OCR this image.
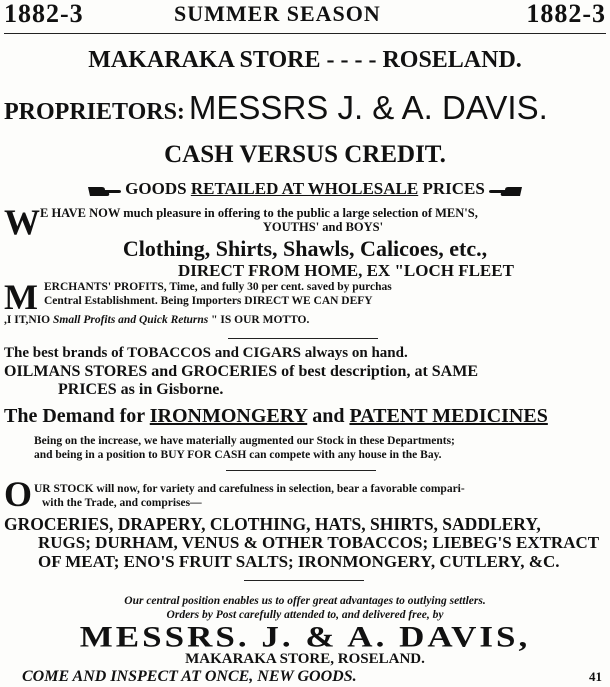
1882-3	SUMMER SEASON	1882-3
MAKARAKA STORE - - - - ROSELAND.
PROPRIETORS: MESSRS J. & A. DAVIS.
CASH VERSUS CREDIT.
GOODS RETAILED AT WHOLESALE PRICES
W E HAVE NOW much pleasure in offering to the public a large selection of MEN'S,
YOUTHS' and BOYS'
Clothing, Shirts, Shawls, Calicoes, etc.,
DIRECT FROM HOME, EX "LOCH FLEET
M ERCHANTS' PROFITS, Time, and fully 30 per cent. saved by purchas
Central Establishment. Being Importers DIRECT WE CAN DEFY
,I IT,NIO Small Profits and Quick Returns " IS OUR MOTTO.
The best brands of TOBACCOS and CIGARS always on hand.
OILMANS STORES and GROCERIES of best description, at SAME
PRICES as in Gisborne.
The Demand for IRONMONGERY and PATENT MEDICINES
Being on the increase, we have materially augmented our Stock in these Departments;
and being in a position to BUY FOR CASH can compete with any house in the Bay.
O UR STOCK will now, for variety and carefulness in selection, bear a favorable compari-
with the Trade, and comprises—
GROCERIES, DRAPERY, CLOTHING, HATS, SHIRTS, SADDLERY,
RUGS; DURHAM, VENUS & OTHER TOBACCOS; LIEBEG'S EXTRACT
OF MEAT; ENO'S FRUIT SALTS; IRONMONGERY, CUTLERY, &C.
Our central position enables us to offer great advantages to outlying settlers.
Orders by Post carefully attended to, and delivered free, by
MESSRS. J. & A. DAVIS,
MAKARAKA STORE, ROSELAND.
COME AND INSPECT AT ONCE, NEW GOODS.	41
